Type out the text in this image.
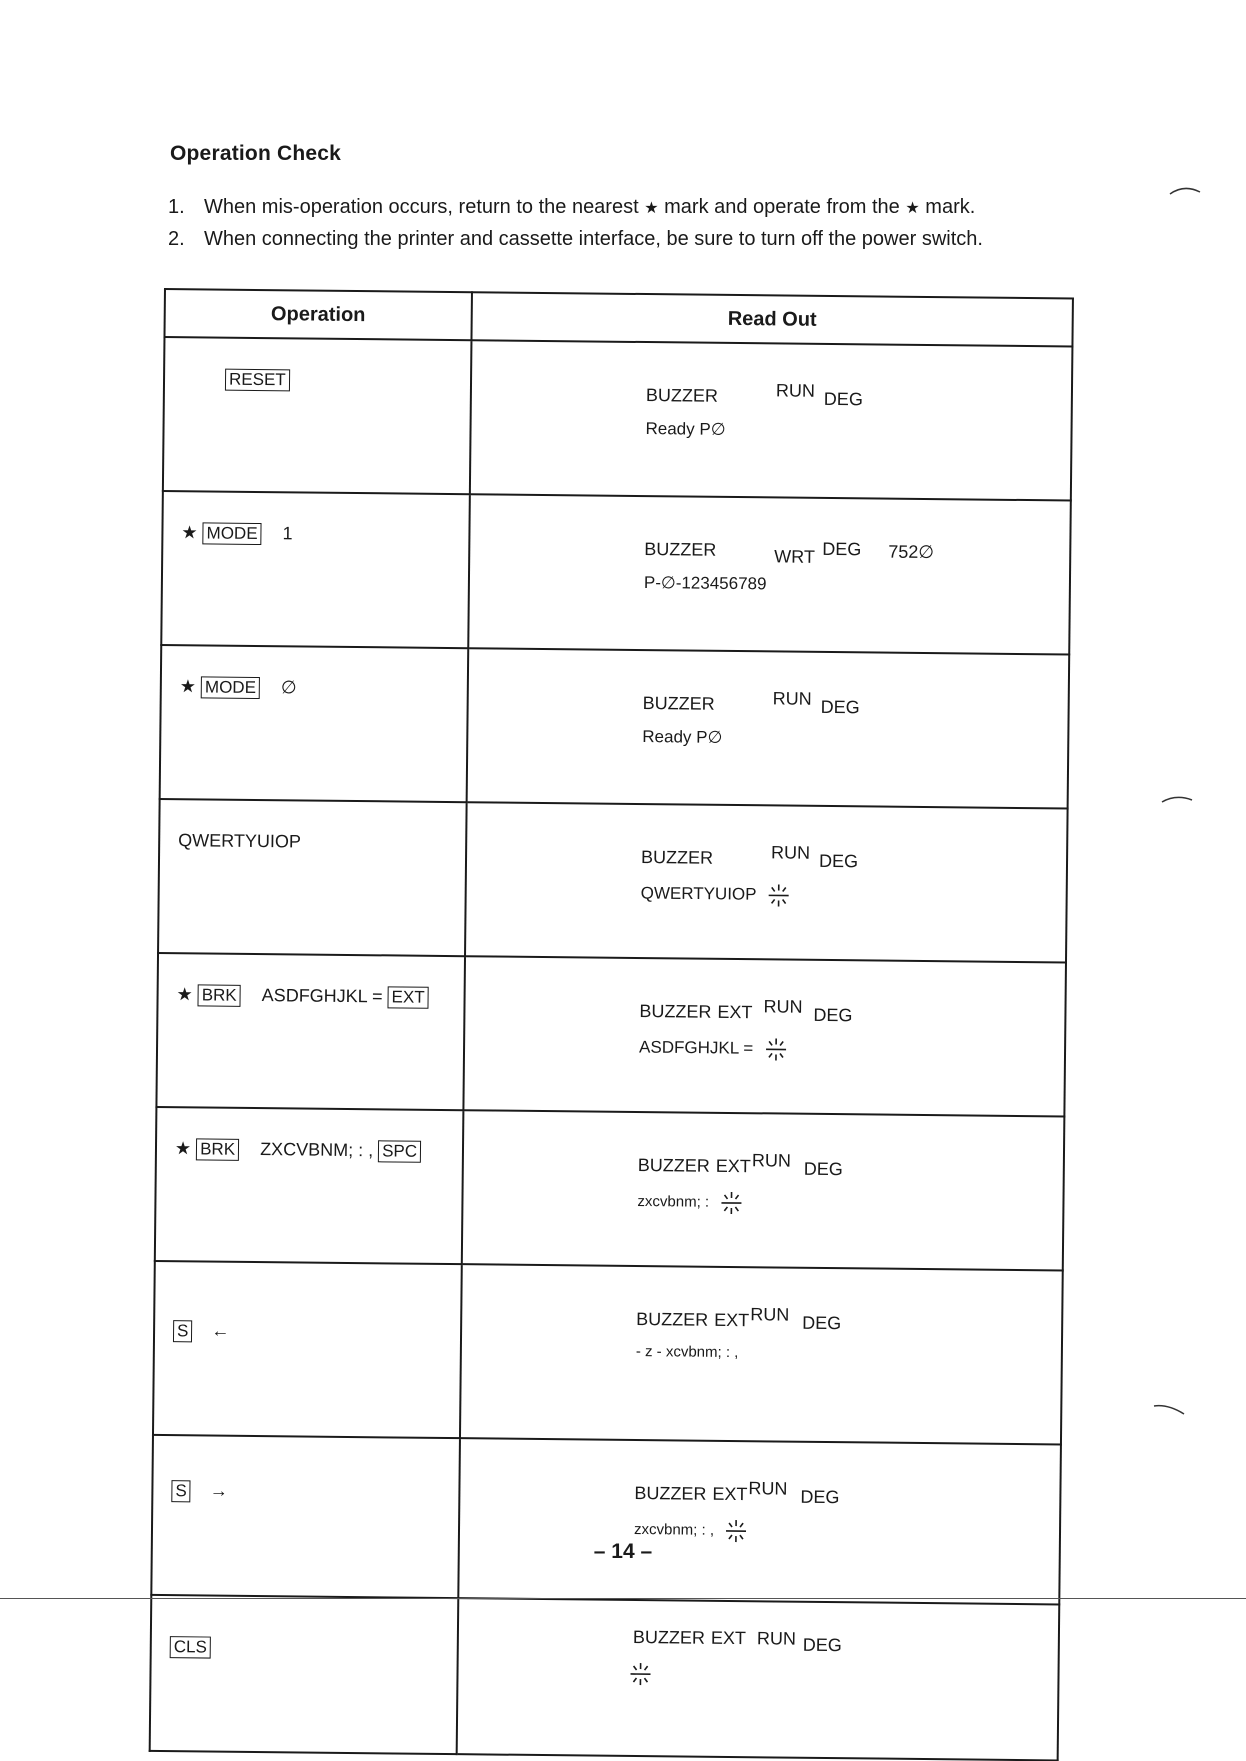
Operation Check
1. When mis-operation occurs, return to the nearest ★ mark and operate from the ★ mark.
2. When connecting the printer and cassette interface, be sure to turn off the power switch.
Operation	Read Out
RESET	BUZZER RUN DEG
Ready P∅

★ MODE 1	BUZZER WRT DEG 752∅
P-∅-123456789

★ MODE ∅	BUZZER RUN DEG
Ready P∅

QWERTYUIOP	BUZZER RUN DEG
QWERTYUIOP

★ BRK ASDFGHJKL = EXT	BUZZER EXT RUN DEG
ASDFGHJKL =

★ BRK ZXCVBNM; : , SPC	BUZZER EXT RUN DEG
zxcvbnm; :

S ←	BUZZER EXT RUN DEG
- z - xcvbnm; : ,

S →	BUZZER EXT RUN DEG
zxcvbnm; : ,

CLS	BUZZER EXT RUN DEG
– 14 –
